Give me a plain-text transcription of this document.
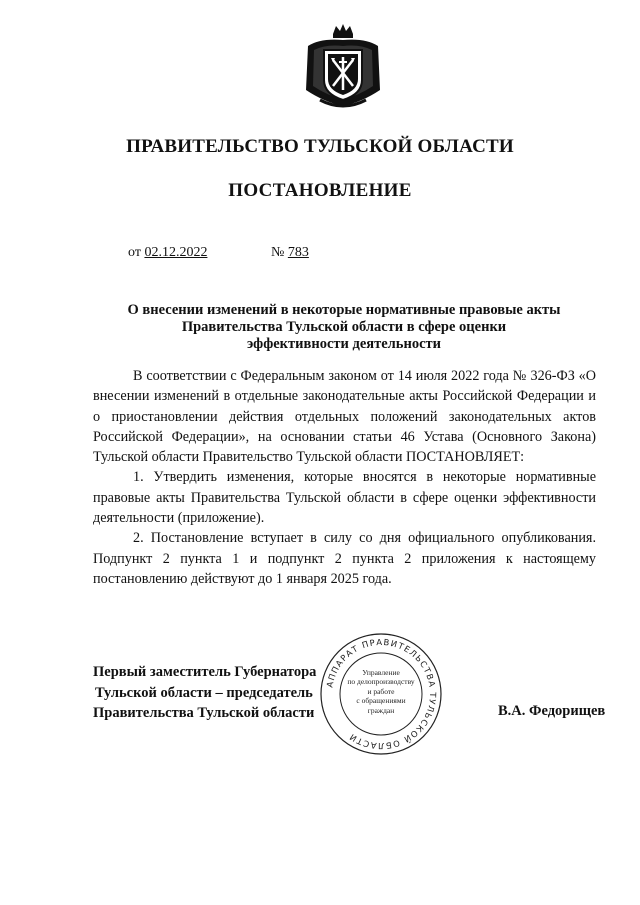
ПРАВИТЕЛЬСТВО ТУЛЬСКОЙ ОБЛАСТИ
ПОСТАНОВЛЕНИЕ
от 02.12.2022	№ 783
О внесении изменений в некоторые нормативные правовые акты
Правительства Тульской области в сфере оценки
эффективности деятельности

В соответствии с Федеральным законом от 14 июля 2022 года № 326-ФЗ «О внесении изменений в отдельные законодательные акты Российской Федерации и о приостановлении действия отдельных положений законодательных актов Российской Федерации», на основании статьи 46 Устава (Основного Закона) Тульской области Правительство Тульской области ПОСТАНОВЛЯЕТ:

1. Утвердить изменения, которые вносятся в некоторые нормативные правовые акты Правительства Тульской области в сфере оценки эффективности деятельности (приложение).

2. Постановление вступает в силу со дня официального опубликования. Подпункт 2 пункта 1 и подпункт 2 пункта 2 приложения к настоящему постановлению действуют до 1 января 2025 года.

Первый заместитель Губернатора
Тульской области – председатель
Правительства Тульской области	В.А. Федорищев
АППАРАТ ПРАВИТЕЛЬСТВА ТУЛЬСКОЙ ОБЛАСТИ
Управление
по делопроизводству
и работе
с обращениями
граждан
